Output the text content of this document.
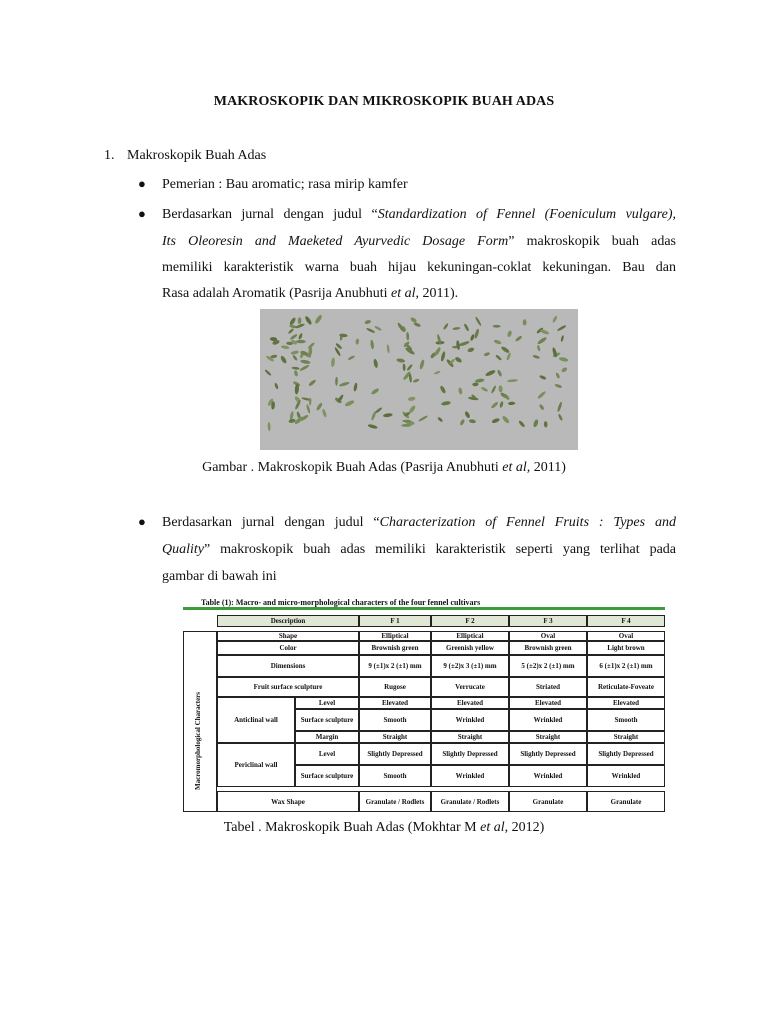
MAKROSKOPIK DAN MIKROSKOPIK BUAH ADAS
1. Makroskopik Buah Adas
● Pemerian : Bau aromatic; rasa mirip kamfer
● Berdasarkan jurnal dengan judul “Standardization of Fennel (Foeniculum vulgare),
Its Oleoresin and Maeketed Ayurvedic Dosage Form” makroskopik buah adas
memiliki karakteristik warna buah hijau kekuningan-coklat kekuningan. Bau dan
Rasa adalah Aromatik (Pasrija Anubhuti et al, 2011).
Gambar . Makroskopik Buah Adas (Pasrija Anubhuti et al, 2011)
● Berdasarkan jurnal dengan judul “Characterization of Fennel Fruits : Types and
Quality” makroskopik buah adas memiliki karakteristik seperti yang terlihat pada
gambar di bawah ini
Table (1): Macro- and micro-morphological characters of the four fennel cultivars
Macromorphological Characters
Description	F 1	F 2	F 3	F 4
Shape	Elliptical	Elliptical	Oval	Oval
Color	Brownish green	Greenish yellow	Brownish green	Light brown
Dimensions	9 (±1)x 2 (±1) mm	9 (±2)x 3 (±1) mm	5 (±2)x 2 (±1) mm	6 (±1)x 2 (±1) mm
Fruit surface sculpture	Rugose	Verrucate	Striated	Reticulate-Foveate
Anticlinal wall
Level	Elevated	Elevated	Elevated	Elevated
Surface sculpture	Smooth	Wrinkled	Wrinkled	Smooth
Margin	Straight	Straight	Straight	Straight
Periclinal wall
Level	Slightly Depressed	Slightly Depressed	Slightly Depressed	Slightly Depressed
Surface sculpture	Smooth	Wrinkled	Wrinkled	Wrinkled
Wax Shape	Granulate / Rodlets	Granulate / Rodlets	Granulate	Granulate
Tabel . Makroskopik Buah Adas (Mokhtar M et al, 2012)
